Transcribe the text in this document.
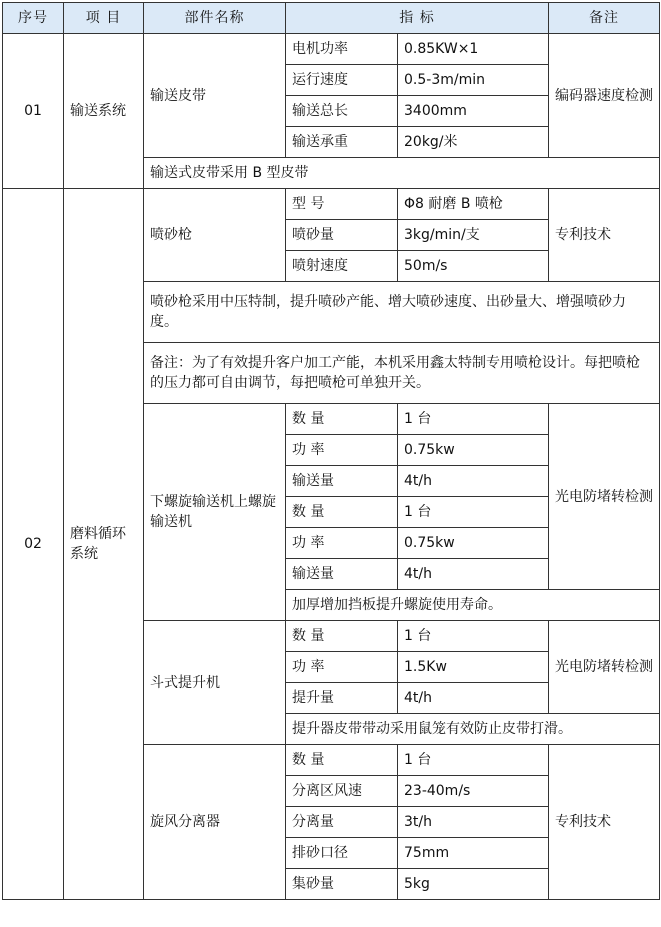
序号	项 目	部件名称	指 标		备注
01	输送系统	输送皮带	电机功率	0.85KW×1	编码器速度检测
			运行速度	0.5-3m/min	
			输送总长	3400mm	
			输送承重	20kg/米	
		输送式皮带采用 B 型皮带			
02	磨料循环系统	喷砂枪	型 号	Φ8 耐磨 B 喷枪	专利技术
			喷砂量	3kg/min/支	
			喷射速度	50m/s	
		喷砂枪采用中压特制，提升喷砂产能、增大喷砂速度、出砂量大、增强喷砂力度。			
		备注：为了有效提升客户加工产能，本机采用鑫太特制专用喷枪设计。每把喷枪的压力都可自由调节，每把喷枪可单独开关。			
		下螺旋输送机上螺旋输送机	数 量	1 台	光电防堵转检测
			功 率	0.75kw	
			输送量	4t/h	
			数 量	1 台	
			功 率	0.75kw	
			输送量	4t/h	
			加厚增加挡板提升螺旋使用寿命。		
		斗式提升机	数 量	1 台	光电防堵转检测
			功 率	1.5Kw	
			提升量	4t/h	
			提升器皮带带动采用鼠笼有效防止皮带打滑。		
		旋风分离器	数 量	1 台	专利技术
			分离区风速	23-40m/s	
			分离量	3t/h	
			排砂口径	75mm	
			集砂量	5kg	
